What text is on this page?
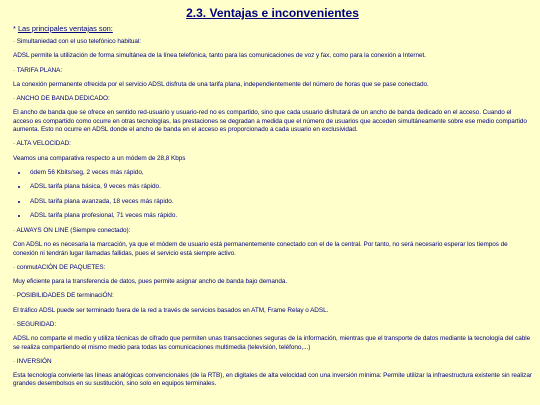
2.3. Ventajas e inconvenientes

* Las principales ventajas son:

· Simultaniedad con el uso telefónico habitual:

ADSL permite la utilización de forma simultánea de la línea telefónica, tanto para las comunicaciones de voz y fax, como para la conexión a Internet.

· TARIFA PLANA:

La conexión permanente ofrecida por el servicio ADSL disfruta de una tarifa plana, independientemente del número de horas que se pase conectado.

· ANCHO DE BANDA DEDICADO:

El ancho de banda que se ofrece en sentido red-usuario y usuario-red no es compartido, sino que cada usuario disfrutará de un ancho de banda dedicado en el acceso. Cuando el acceso es compartido como ocurre en otras tecnologías, las prestaciones se degradan a medida que el número de usuarios que acceden simultáneamente sobre ese medio compartido aumenta. Esto no ocurre en ADSL donde el ancho de banda en el acceso es proporcionado a cada usuario en exclusividad.

· ALTA VELOCIDAD:

Veamos una comparativa respecto a un módem de 28,8 Kbps

• ódem 56 Kbits/seg, 2 veces más rápido,
• ADSL tarifa plana básica, 9 veces más rápido.
• ADSL tarifa plana avanzada, 18 veces más rápido.
• ADSL tarifa plana profesional, 71 veces más rápido.

· ALWAYS ON LINE (Siempre conectado):

Con ADSL no es necesaria la marcación, ya que el módem de usuario está permanentemente conectado con el de la central. Por tanto, no será necesario esperar los tiempos de conexión ni tendrán lugar llamadas fallidas, pues el servicio está siempre activo.

· conmutACIÓN DE PAQUETES:

Muy eficiente para la transferencia de datos, pues permite asignar ancho de banda bajo demanda.

· POSIBILIDADES DE terminaciÓN:

El tráfico ADSL puede ser terminado fuera de la red a través de servicios basados en ATM, Frame Relay o ADSL.

· SEGURIDAD:

ADSL no comparte el medio y utiliza técnicas de cifrado que permiten unas transacciones seguras de la información, mientras que el transporte de datos mediante la tecnología del cable se realiza compartiendo el mismo medio para todas las comunicaciones multimedia (televisión, teléfono,...)

· INVERSIÓN

Esta tecnología convierte las líneas analógicas convencionales (de la RTB), en digitales de alta velocidad con una inversión mínima: Permite utilizar la infraestructura existente sin realizar grandes desembolsos en su sustitución, sino solo en equipos terminales.
